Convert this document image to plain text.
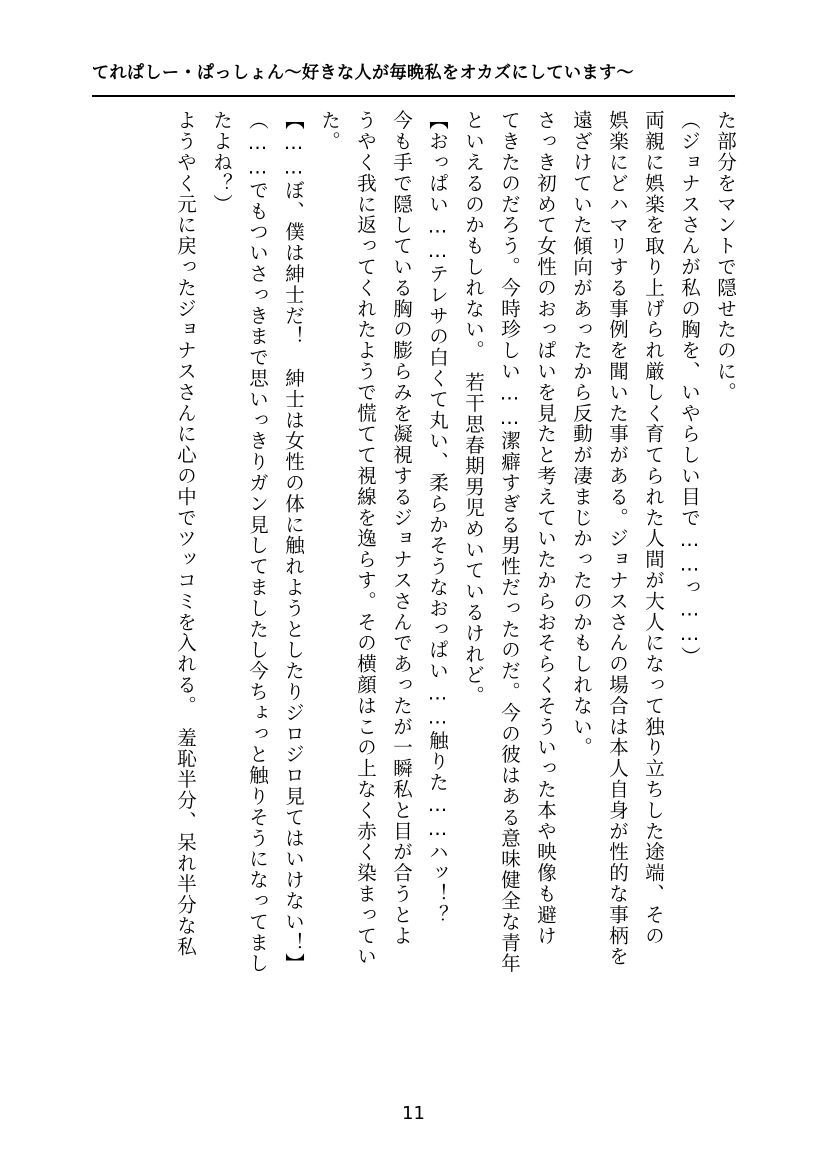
てれぱしー・ぱっしょん〜好きな人が毎晩私をオカズにしています〜
た部分をマントで隠せたのに。
（ジョナスさんが私の胸を、いやらしい目で……っ……）
両親に娯楽を取り上げられ厳しく育てられた人間が大人になって独り立ちした途端、その
娯楽にどハマリする事例を聞いた事がある。ジョナスさんの場合は本人自身が性的な事柄を
遠ざけていた傾向があったから反動が凄まじかったのかもしれない。
さっき初めて女性のおっぱいを見たと考えていたからおそらくそういった本や映像も避け
てきたのだろう。今時珍しい……潔癖すぎる男性だったのだ。今の彼はある意味健全な青年
といえるのかもしれない。　若干思春期男児めいているけれど。
【おっぱい……テレサの白くて丸い、柔らかそうなおっぱい……触りた……ハッ！？
今も手で隠している胸の膨らみを凝視するジョナスさんであったが一瞬私と目が合うとよ
うやく我に返ってくれたようで慌てて視線を逸らす。その横顔はこの上なく赤く染まってい
た。
【……ぼ、僕は紳士だ！　紳士は女性の体に触れようとしたりジロジロ見てはいけない！】
（……でもついさっきまで思いっきりガン見してましたし今ちょっと触りそうになってまし
たよね？）
ようやく元に戻ったジョナスさんに心の中でツッコミを入れる。　羞恥半分、呆れ半分な私
11
